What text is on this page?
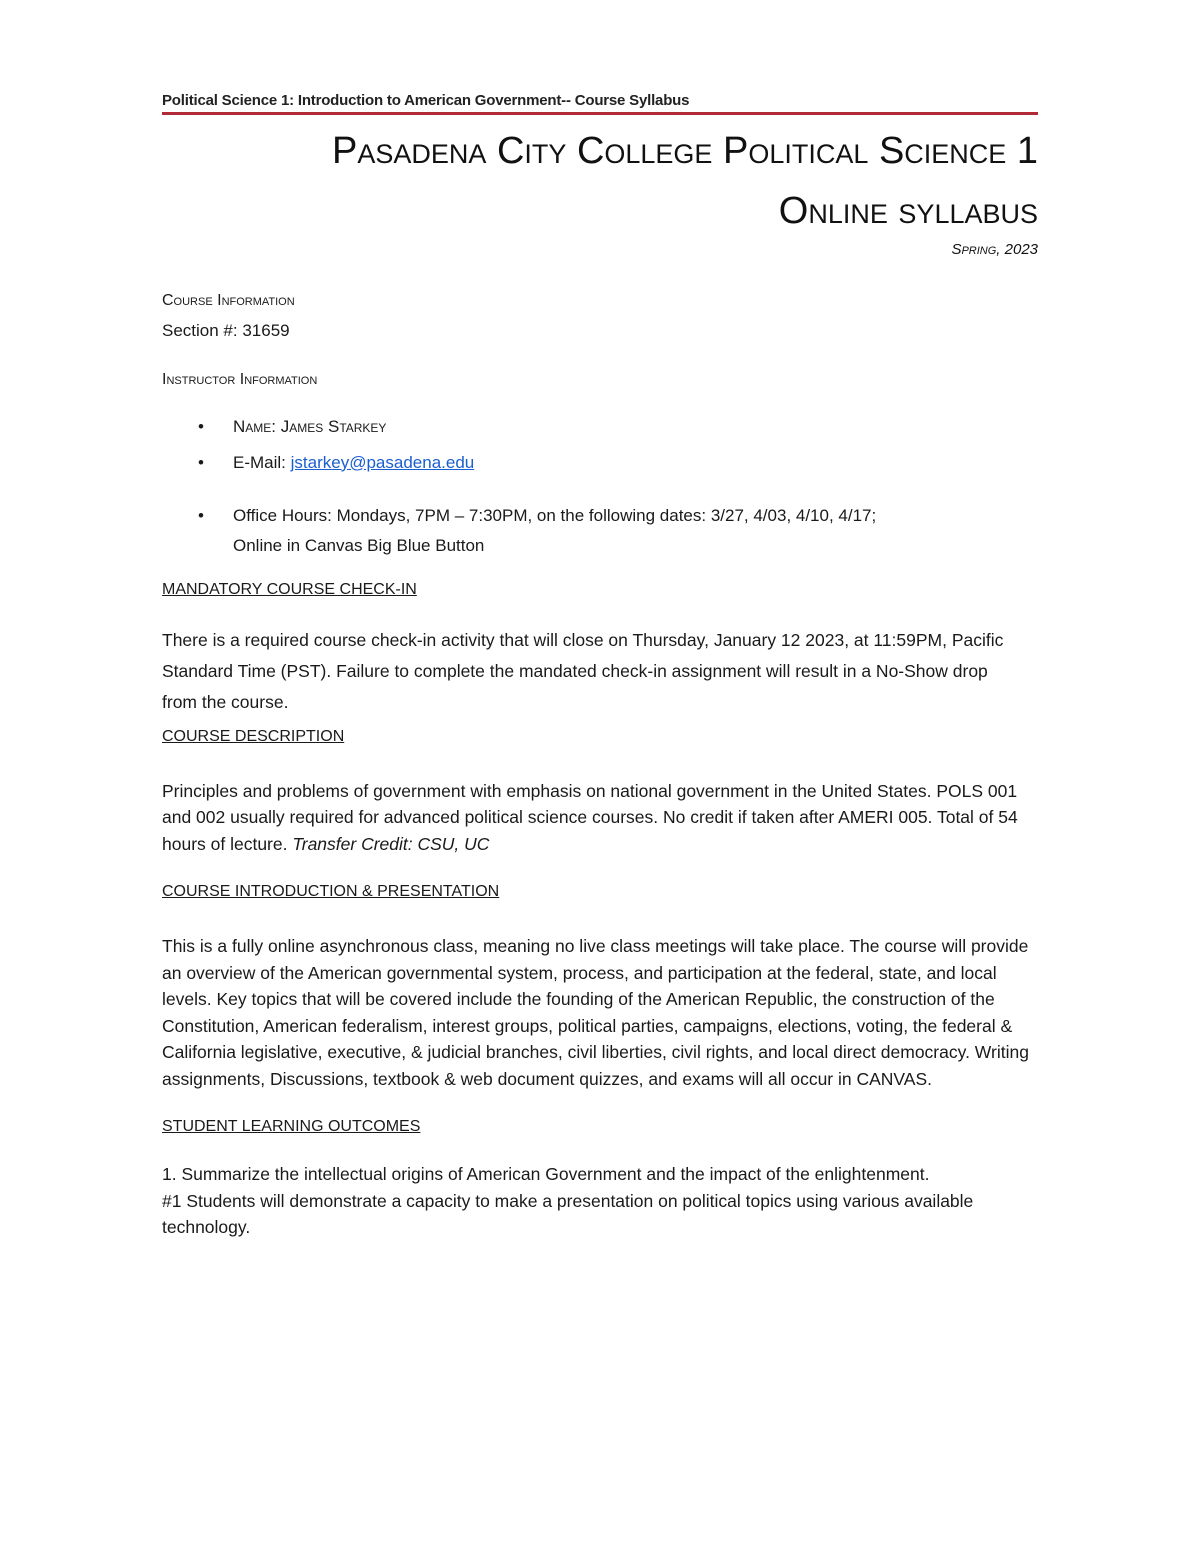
Political Science 1: Introduction to American Government-- Course Syllabus
Pasadena City College Political Science 1
Online syllabus
Spring, 2023
Course Information

Section #: 31659

Instructor Information
• Name: James Starkey
• E-Mail: jstarkey@pasadena.edu
• Office Hours: Mondays, 7PM – 7:30PM, on the following dates: 3/27, 4/03, 4/10, 4/17;
Online in Canvas Big Blue Button
MANDATORY COURSE CHECK-IN

There is a required course check-in activity that will close on Thursday, January 12 2023, at 11:59PM, Pacific Standard Time (PST). Failure to complete the mandated check-in assignment will result in a No-Show drop from the course.

COURSE DESCRIPTION

Principles and problems of government with emphasis on national government in the United States. POLS 001 and 002 usually required for advanced political science courses. No credit if taken after AMERI 005. Total of 54 hours of lecture. Transfer Credit: CSU, UC

COURSE INTRODUCTION & PRESENTATION

This is a fully online asynchronous class, meaning no live class meetings will take place. The course will provide an overview of the American governmental system, process, and participation at the federal, state, and local levels. Key topics that will be covered include the founding of the American Republic, the construction of the Constitution, American federalism, interest groups, political parties, campaigns, elections, voting, the federal & California legislative, executive, & judicial branches, civil liberties, civil rights, and local direct democracy. Writing assignments, Discussions, textbook & web document quizzes, and exams will all occur in CANVAS.

STUDENT LEARNING OUTCOMES

1. Summarize the intellectual origins of American Government and the impact of the enlightenment.

#1 Students will demonstrate a capacity to make a presentation on political topics using various available technology.
